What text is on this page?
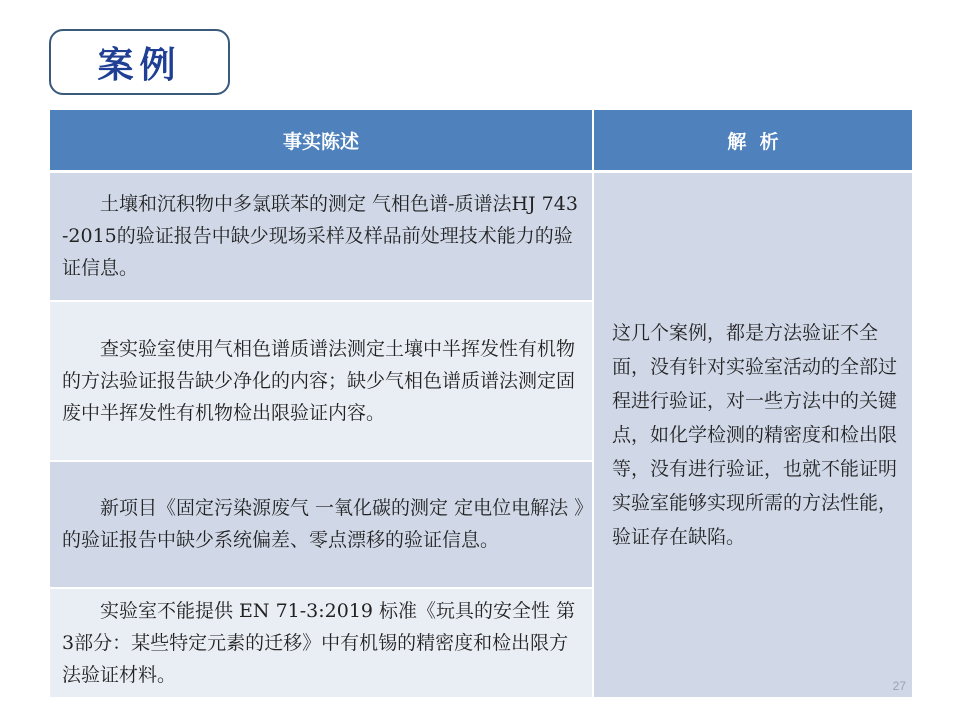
案例
事实陈述	解  析
土壤和沉积物中多氯联苯的测定 气相色谱-质谱法HJ 743-2015的验证报告中缺少现场采样及样品前处理技术能力的验证信息。	这几个案例，都是方法验证不全面，没有针对实验室活动的全部过程进行验证，对一些方法中的关键点，如化学检测的精密度和检出限等，没有进行验证，也就不能证明实验室能够实现所需的方法性能，验证存在缺陷。
查实验室使用气相色谱质谱法测定土壤中半挥发性有机物的方法验证报告缺少净化的内容；缺少气相色谱质谱法测定固废中半挥发性有机物检出限验证内容。	
新项目《固定污染源废气 一氧化碳的测定 定电位电解法 》的验证报告中缺少系统偏差、零点漂移的验证信息。	
实验室不能提供 EN 71-3:2019 标准《玩具的安全性 第3部分：某些特定元素的迁移》中有机锡的精密度和检出限方法验证材料。	
27
